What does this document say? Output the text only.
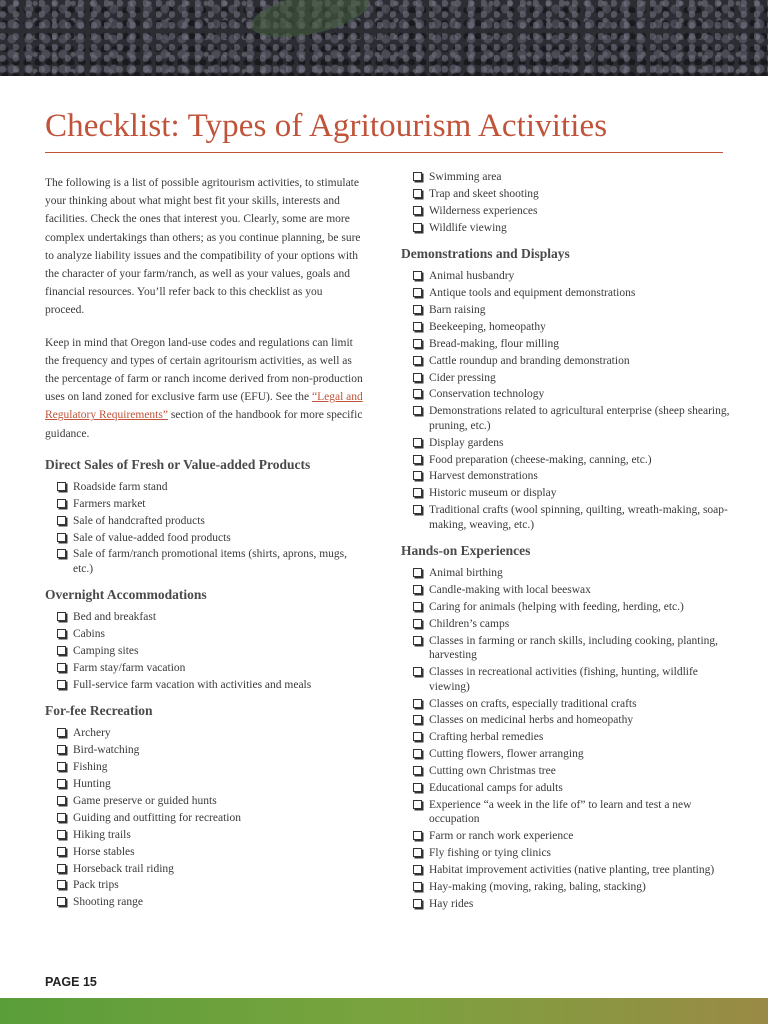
Checklist: Types of Agritourism Activities

The following is a list of possible agritourism activities, to stimulate your thinking about what might best fit your skills, interests and facilities. Check the ones that interest you. Clearly, some are more complex undertakings than others; as you continue planning, be sure to analyze liability issues and the compatibility of your options with the character of your farm/ranch, as well as your values, goals and financial resources. You’ll refer back to this checklist as you proceed.

Keep in mind that Oregon land-use codes and regulations can limit the frequency and types of certain agritourism activities, as well as the percentage of farm or ranch income derived from non-production uses on land zoned for exclusive farm use (EFU). See the “Legal and Regulatory Requirements” section of the handbook for more specific guidance.

Direct Sales of Fresh or Value-added Products
Roadside farm stand
Farmers market
Sale of handcrafted products
Sale of value-added food products
Sale of farm/ranch promotional items (shirts, aprons, mugs, etc.)
Overnight Accommodations
Bed and breakfast
Cabins
Camping sites
Farm stay/farm vacation
Full-service farm vacation with activities and meals
For-fee Recreation
Archery
Bird-watching
Fishing
Hunting
Game preserve or guided hunts
Guiding and outfitting for recreation
Hiking trails
Horse stables
Horseback trail riding
Pack trips
Shooting range
Swimming area
Trap and skeet shooting
Wilderness experiences
Wildlife viewing
Demonstrations and Displays
Animal husbandry
Antique tools and equipment demonstrations
Barn raising
Beekeeping, homeopathy
Bread-making, flour milling
Cattle roundup and branding demonstration
Cider pressing
Conservation technology
Demonstrations related to agricultural enterprise (sheep shearing, pruning, etc.)
Display gardens
Food preparation (cheese-making, canning, etc.)
Harvest demonstrations
Historic museum or display
Traditional crafts (wool spinning, quilting, wreath-making, soap-making, weaving, etc.)
Hands-on Experiences
Animal birthing
Candle-making with local beeswax
Caring for animals (helping with feeding, herding, etc.)
Children’s camps
Classes in farming or ranch skills, including cooking, planting, harvesting
Classes in recreational activities (fishing, hunting, wildlife viewing)
Classes on crafts, especially traditional crafts
Classes on medicinal herbs and homeopathy
Crafting herbal remedies
Cutting flowers, flower arranging
Cutting own Christmas tree
Educational camps for adults
Experience “a week in the life of” to learn and test a new occupation
Farm or ranch work experience
Fly fishing or tying clinics
Habitat improvement activities (native planting, tree planting)
Hay-making (moving, raking, baling, stacking)
Hay rides
PAGE 15
